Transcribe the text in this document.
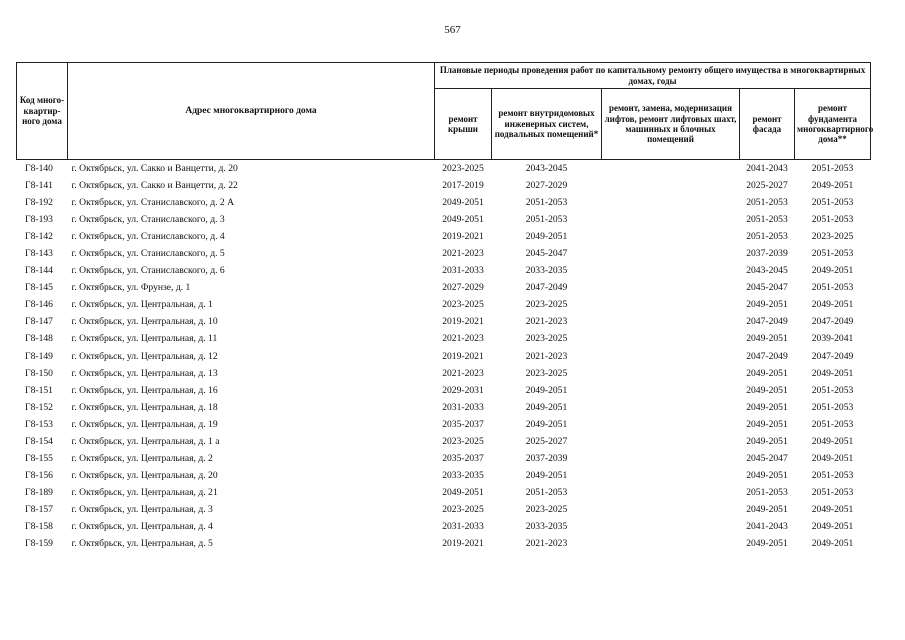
567
Код много-квартир-ного дома	Адрес многоквартирного дома	Плановые периоды проведения работ по капитальному ремонту общего имущества в многоквартирных домах, годы				
		ремонт крыши	ремонт внутридомовых инженерных систем, подвальных помещений*	ремонт, замена, модернизация лифтов, ремонт лифтовых шахт, машинных и блочных помещений	ремонт фасада	ремонт фундамента многоквартирного дома**
Г8-140	г. Октябрьск, ул. Сакко и Ванцетти, д. 20	2023-2025	2043-2045		2041-2043	2051-2053
Г8-141	г. Октябрьск, ул. Сакко и Ванцетти, д. 22	2017-2019	2027-2029		2025-2027	2049-2051
Г8-192	г. Октябрьск, ул. Станиславского, д. 2 А	2049-2051	2051-2053		2051-2053	2051-2053
Г8-193	г. Октябрьск, ул. Станиславского, д. 3	2049-2051	2051-2053		2051-2053	2051-2053
Г8-142	г. Октябрьск, ул. Станиславского, д. 4	2019-2021	2049-2051		2051-2053	2023-2025
Г8-143	г. Октябрьск, ул. Станиславского, д. 5	2021-2023	2045-2047		2037-2039	2051-2053
Г8-144	г. Октябрьск, ул. Станиславского, д. 6	2031-2033	2033-2035		2043-2045	2049-2051
Г8-145	г. Октябрьск, ул. Фрунзе, д. 1	2027-2029	2047-2049		2045-2047	2051-2053
Г8-146	г. Октябрьск, ул. Центральная, д. 1	2023-2025	2023-2025		2049-2051	2049-2051
Г8-147	г. Октябрьск, ул. Центральная, д. 10	2019-2021	2021-2023		2047-2049	2047-2049
Г8-148	г. Октябрьск, ул. Центральная, д. 11	2021-2023	2023-2025		2049-2051	2039-2041
Г8-149	г. Октябрьск, ул. Центральная, д. 12	2019-2021	2021-2023		2047-2049	2047-2049
Г8-150	г. Октябрьск, ул. Центральная, д. 13	2021-2023	2023-2025		2049-2051	2049-2051
Г8-151	г. Октябрьск, ул. Центральная, д. 16	2029-2031	2049-2051		2049-2051	2051-2053
Г8-152	г. Октябрьск, ул. Центральная, д. 18	2031-2033	2049-2051		2049-2051	2051-2053
Г8-153	г. Октябрьск, ул. Центральная, д. 19	2035-2037	2049-2051		2049-2051	2051-2053
Г8-154	г. Октябрьск, ул. Центральная, д. 1 а	2023-2025	2025-2027		2049-2051	2049-2051
Г8-155	г. Октябрьск, ул. Центральная, д. 2	2035-2037	2037-2039		2045-2047	2049-2051
Г8-156	г. Октябрьск, ул. Центральная, д. 20	2033-2035	2049-2051		2049-2051	2051-2053
Г8-189	г. Октябрьск, ул. Центральная, д. 21	2049-2051	2051-2053		2051-2053	2051-2053
Г8-157	г. Октябрьск, ул. Центральная, д. 3	2023-2025	2023-2025		2049-2051	2049-2051
Г8-158	г. Октябрьск, ул. Центральная, д. 4	2031-2033	2033-2035		2041-2043	2049-2051
Г8-159	г. Октябрьск, ул. Центральная, д. 5	2019-2021	2021-2023		2049-2051	2049-2051
